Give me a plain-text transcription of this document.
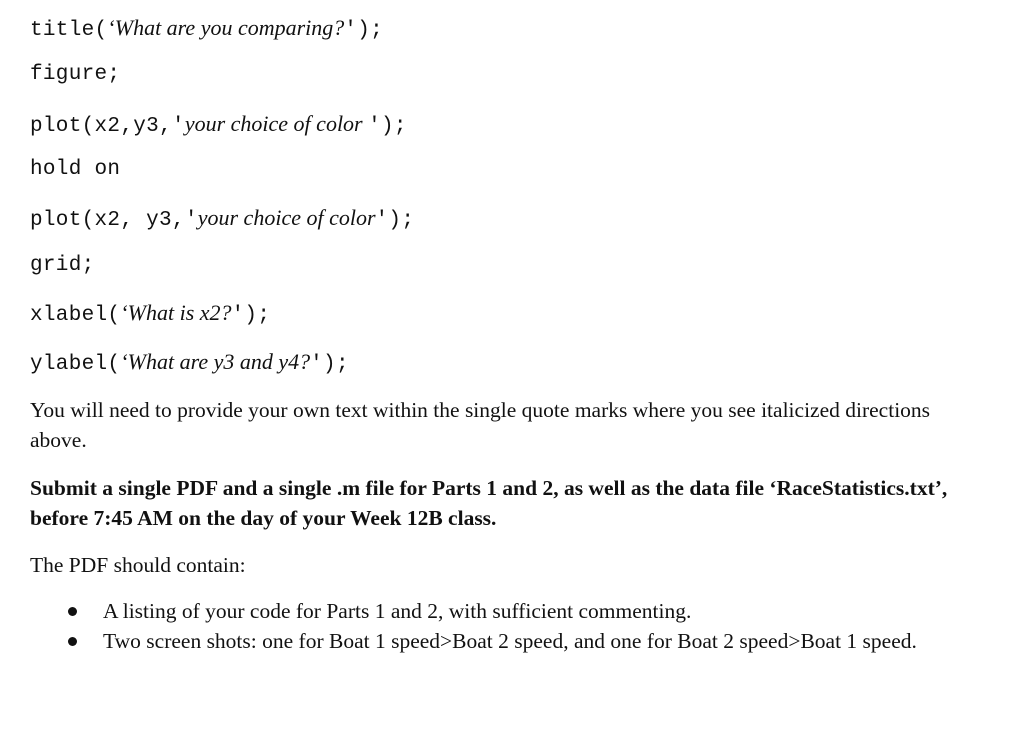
title(‘What are you comparing?');
figure;
plot(x2,y3,'your choice of color ');
hold on
plot(x2, y3,'your choice of color');
grid;
xlabel(‘What is x2?');
ylabel(‘What are y3 and y4?');
You will need to provide your own text within the single quote marks where you see italicized directions above.
Submit a single PDF and a single .m file for Parts 1 and 2, as well as the data file ‘RaceStatistics.txt’, before 7:45 AM on the day of your Week 12B class.
The PDF should contain:
A listing of your code for Parts 1 and 2, with sufficient commenting.
Two screen shots: one for Boat 1 speed>Boat 2 speed, and one for Boat 2 speed>Boat 1 speed.
